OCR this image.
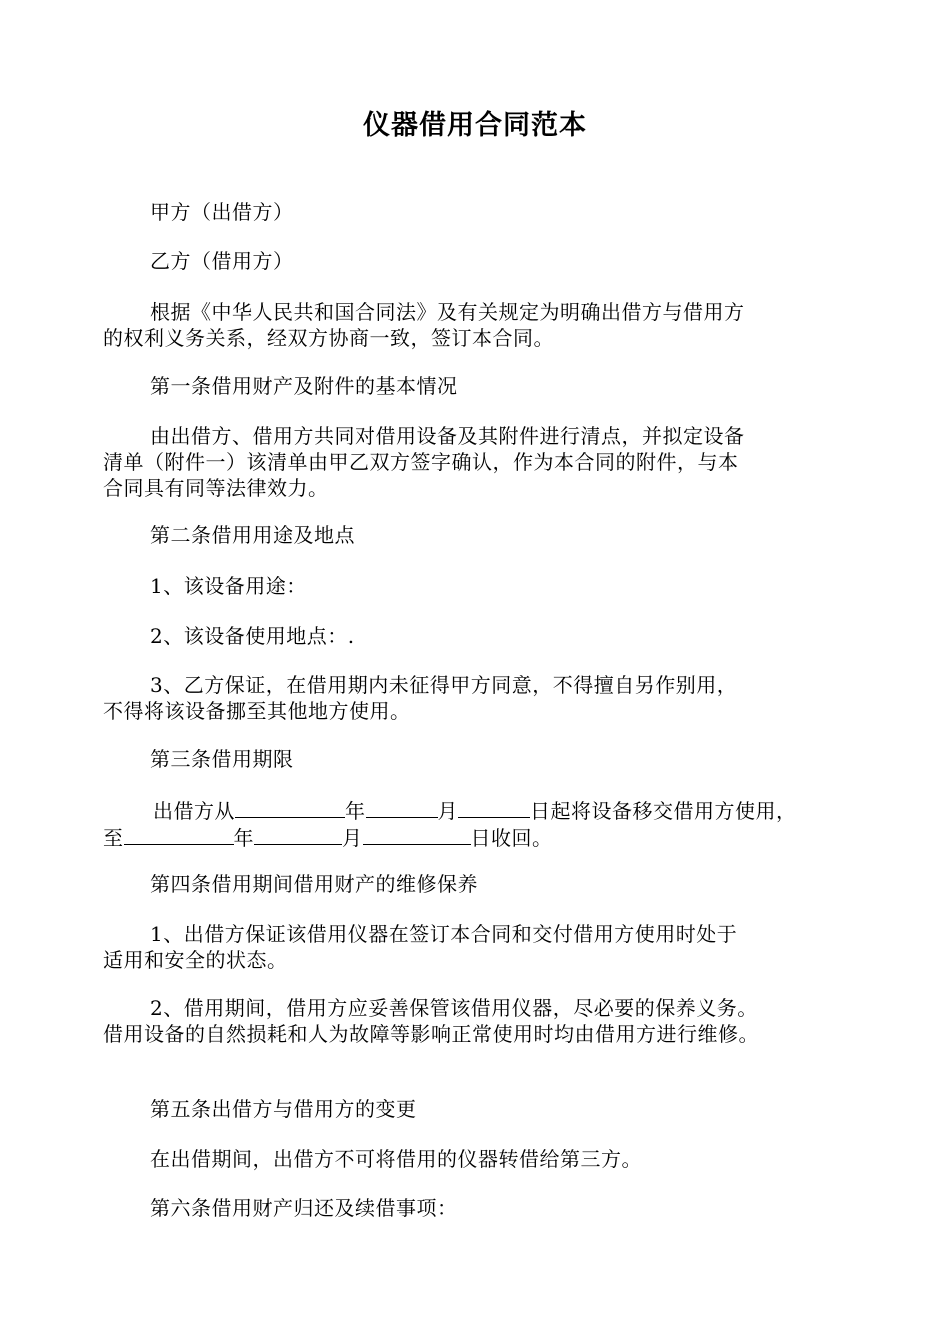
仪器借用合同范本
甲方（出借方）
乙方（借用方）
根据《中华人民共和国合同法》及有关规定为明确出借方与借用方
的权利义务关系，经双方协商一致，签订本合同。
第一条借用财产及附件的基本情况
由出借方、借用方共同对借用设备及其附件进行清点，并拟定设备
清单（附件一）该清单由甲乙双方签字确认，作为本合同的附件，与本
合同具有同等法律效力。
第二条借用用途及地点
1、该设备用途：
2、该设备使用地点：.
3、乙方保证，在借用期内未征得甲方同意，不得擅自另作别用，
不得将该设备挪至其他地方使用。
第三条借用期限
出借方从	年	月	日起将设备移交借用方使用，
至	年	月	日收回。
第四条借用期间借用财产的维修保养
1、出借方保证该借用仪器在签订本合同和交付借用方使用时处于
适用和安全的状态。
2、借用期间，借用方应妥善保管该借用仪器，尽必要的保养义务。
借用设备的自然损耗和人为故障等影响正常使用时均由借用方进行维修。
第五条出借方与借用方的变更
在出借期间，出借方不可将借用的仪器转借给第三方。
第六条借用财产归还及续借事项：
